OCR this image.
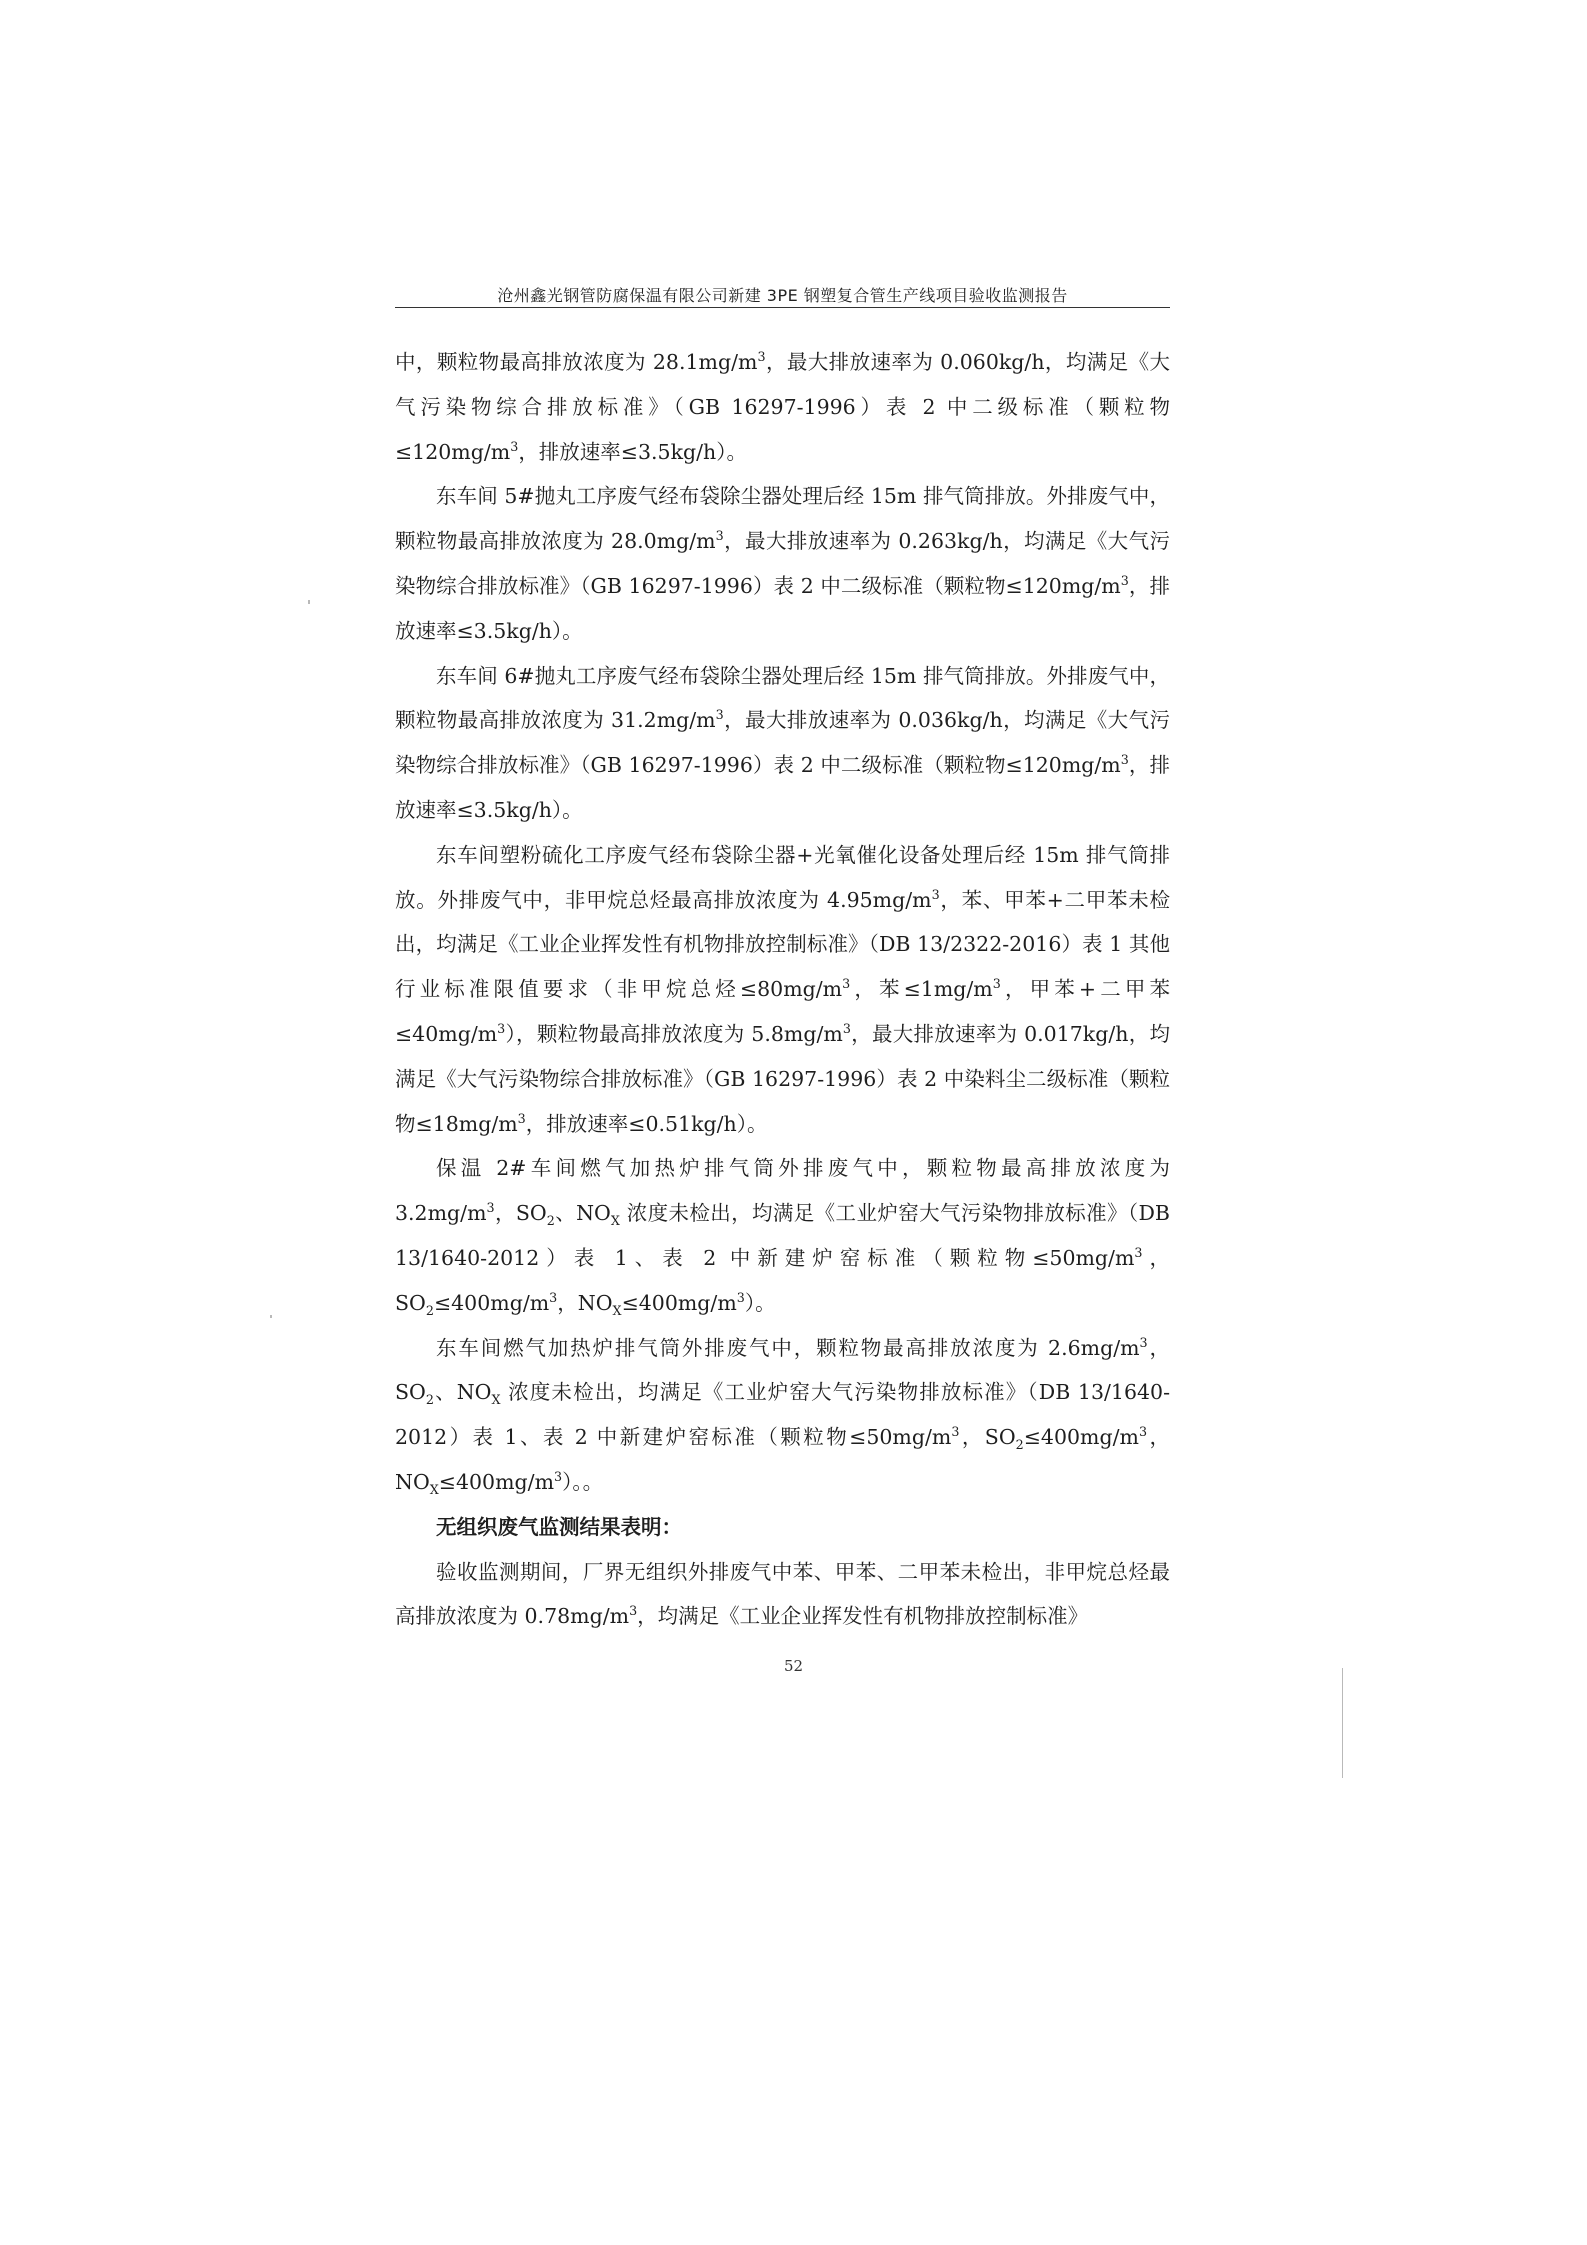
沧州鑫光钢管防腐保温有限公司新建 3PE 钢塑复合管生产线项目验收监测报告

中，颗粒物最高排放浓度为 $28.1mg/m^3$，最大排放速率为 0.060kg/h，均满足《大气污染物综合排放标准》（GB 16297-1996）表 2 中二级标准（颗粒物$\le 120mg/m^3$，排放速率≤3.5kg/h）。

东车间 5#抛丸工序废气经布袋除尘器处理后经 15m 排气筒排放。外排废气中，颗粒物最高排放浓度为 $28.0mg/m^3$，最大排放速率为 0.263kg/h，均满足《大气污染物综合排放标准》（GB 16297-1996）表 2 中二级标准（颗粒物$\le 120mg/m^3$，排放速率≤3.5kg/h）。

东车间 6#抛丸工序废气经布袋除尘器处理后经 15m 排气筒排放。外排废气中，颗粒物最高排放浓度为 $31.2mg/m^3$，最大排放速率为 0.036kg/h，均满足《大气污染物综合排放标准》（GB 16297-1996）表 2 中二级标准（颗粒物$\le 120mg/m^3$，排放速率≤3.5kg/h）。

东车间塑粉硫化工序废气经布袋除尘器+光氧催化设备处理后经 15m 排气筒排放。外排废气中，非甲烷总烃最高排放浓度为 $4.95mg/m^3$，苯、甲苯+二甲苯未检出，均满足《工业企业挥发性有机物排放控制标准》（DB 13/2322-2016）表 1 其他行业标准限值要求（非甲烷总烃$\le 80mg/m^3$，苯$\le 1mg/m^3$，甲苯+二甲苯$\le 40mg/m^3$），颗粒物最高排放浓度为 $5.8mg/m^3$，最大排放速率为 0.017kg/h，均满足《大气污染物综合排放标准》（GB 16297-1996）表 2 中染料尘二级标准（颗粒物$\le 18mg/m^3$，排放速率≤0.51kg/h）。

保温 2#车间燃气加热炉排气筒外排废气中，颗粒物最高排放浓度为 $3.2mg/m^3$，$SO_2$、$NO_X$ 浓度未检出，均满足《工业炉窑大气污染物排放标准》（DB 13/1640-2012）表 1、表 2 中新建炉窑标准（颗粒物$\le 50mg/m^3$，$SO_2\le 400mg/m^3$，$NO_X\le 400mg/m^3$）。

东车间燃气加热炉排气筒外排废气中，颗粒物最高排放浓度为 $2.6mg/m^3$，$SO_2$、$NO_X$ 浓度未检出，均满足《工业炉窑大气污染物排放标准》（DB 13/1640-2012）表 1、表 2 中新建炉窑标准（颗粒物$\le 50mg/m^3$，$SO_2\le 400mg/m^3$，$NO_X\le 400mg/m^3$）。。

无组织废气监测结果表明：

验收监测期间，厂界无组织外排废气中苯、甲苯、二甲苯未检出，非甲烷总烃最高排放浓度为 $0.78mg/m^3$，均满足《工业企业挥发性有机物排放控制标准》

52
